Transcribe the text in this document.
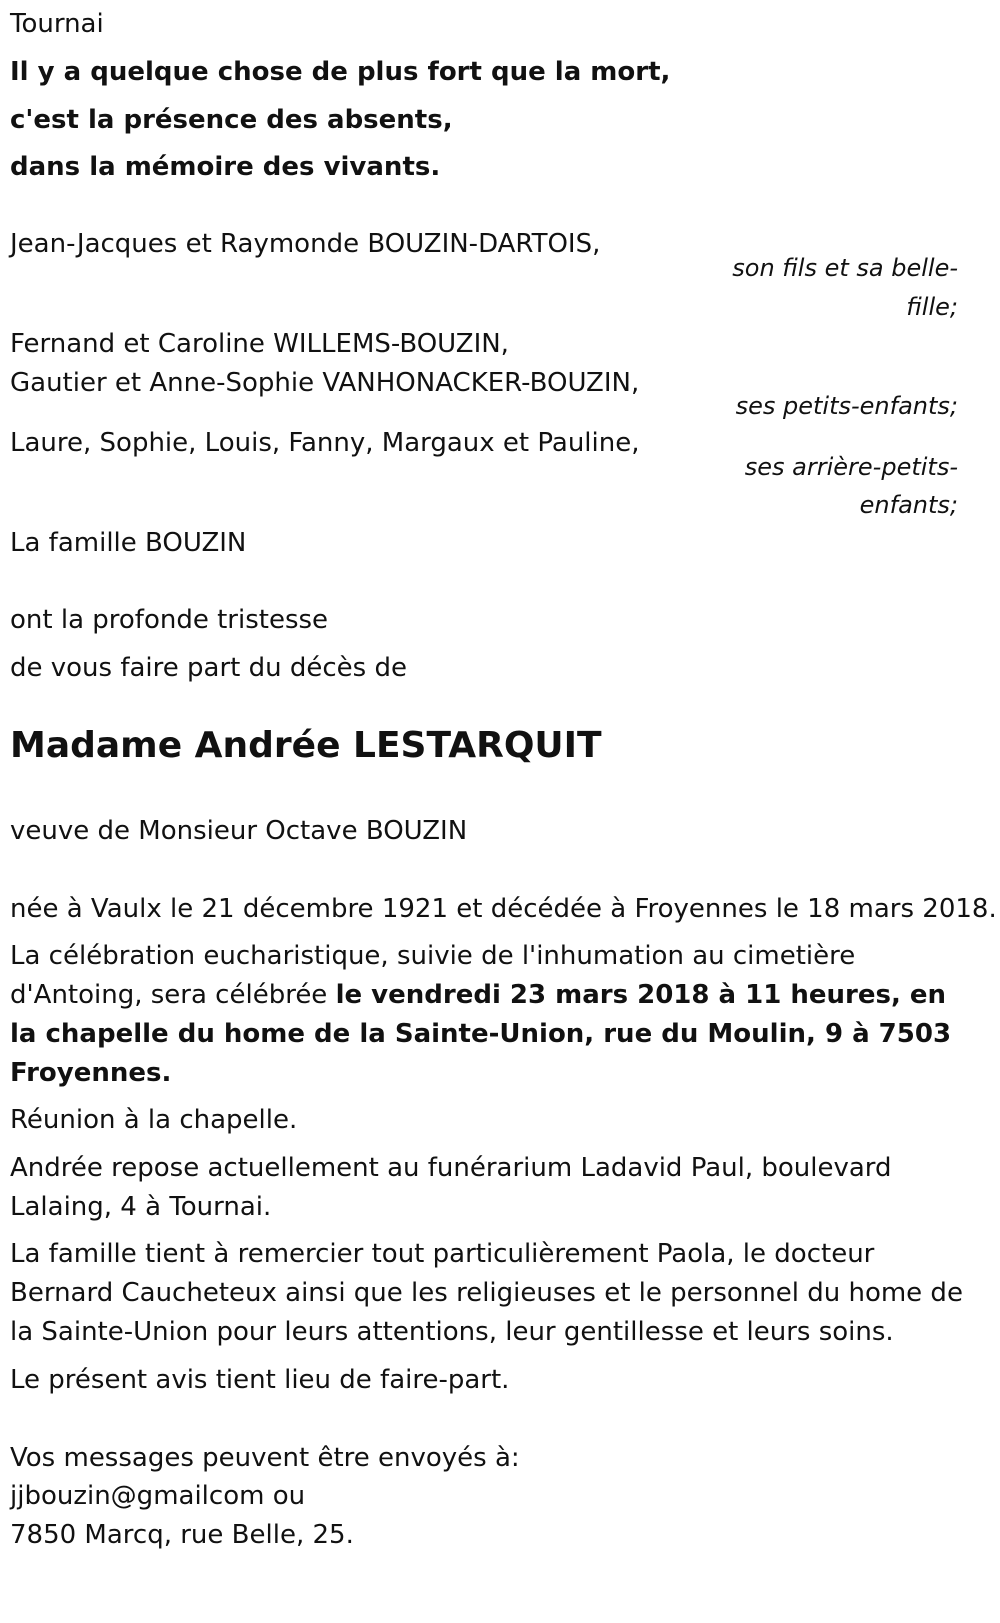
Tournai
Il y a quelque chose de plus fort que la mort,
c'est la présence des absents,
dans la mémoire des vivants.
Jean-Jacques et Raymonde BOUZIN-DARTOIS,
son fils et sa belle-
fille;
Fernand et Caroline WILLEMS-BOUZIN,
Gautier et Anne-Sophie VANHONACKER-BOUZIN,
ses petits-enfants;
Laure, Sophie, Louis, Fanny, Margaux et Pauline,
ses arrière-petits-
enfants;
La famille BOUZIN
ont la profonde tristesse
de vous faire part du décès de
Madame Andrée LESTARQUIT
veuve de Monsieur Octave BOUZIN
née à Vaulx le 21 décembre 1921 et décédée à Froyennes le 18 mars 2018.
La célébration eucharistique, suivie de l'inhumation au cimetière d'Antoing, sera célébrée le vendredi 23 mars 2018 à 11 heures, en la chapelle du home de la Sainte-Union, rue du Moulin, 9 à 7503 Froyennes.
Réunion à la chapelle.
Andrée repose actuellement au funérarium Ladavid Paul, boulevard Lalaing, 4 à Tournai.
La famille tient à remercier tout particulièrement Paola, le docteur Bernard Caucheteux ainsi que les religieuses et le personnel du home de la Sainte-Union pour leurs attentions, leur gentillesse et leurs soins.
Le présent avis tient lieu de faire-part.
Vos messages peuvent être envoyés à:
jjbouzin@gmailcom ou
7850 Marcq, rue Belle, 25.
